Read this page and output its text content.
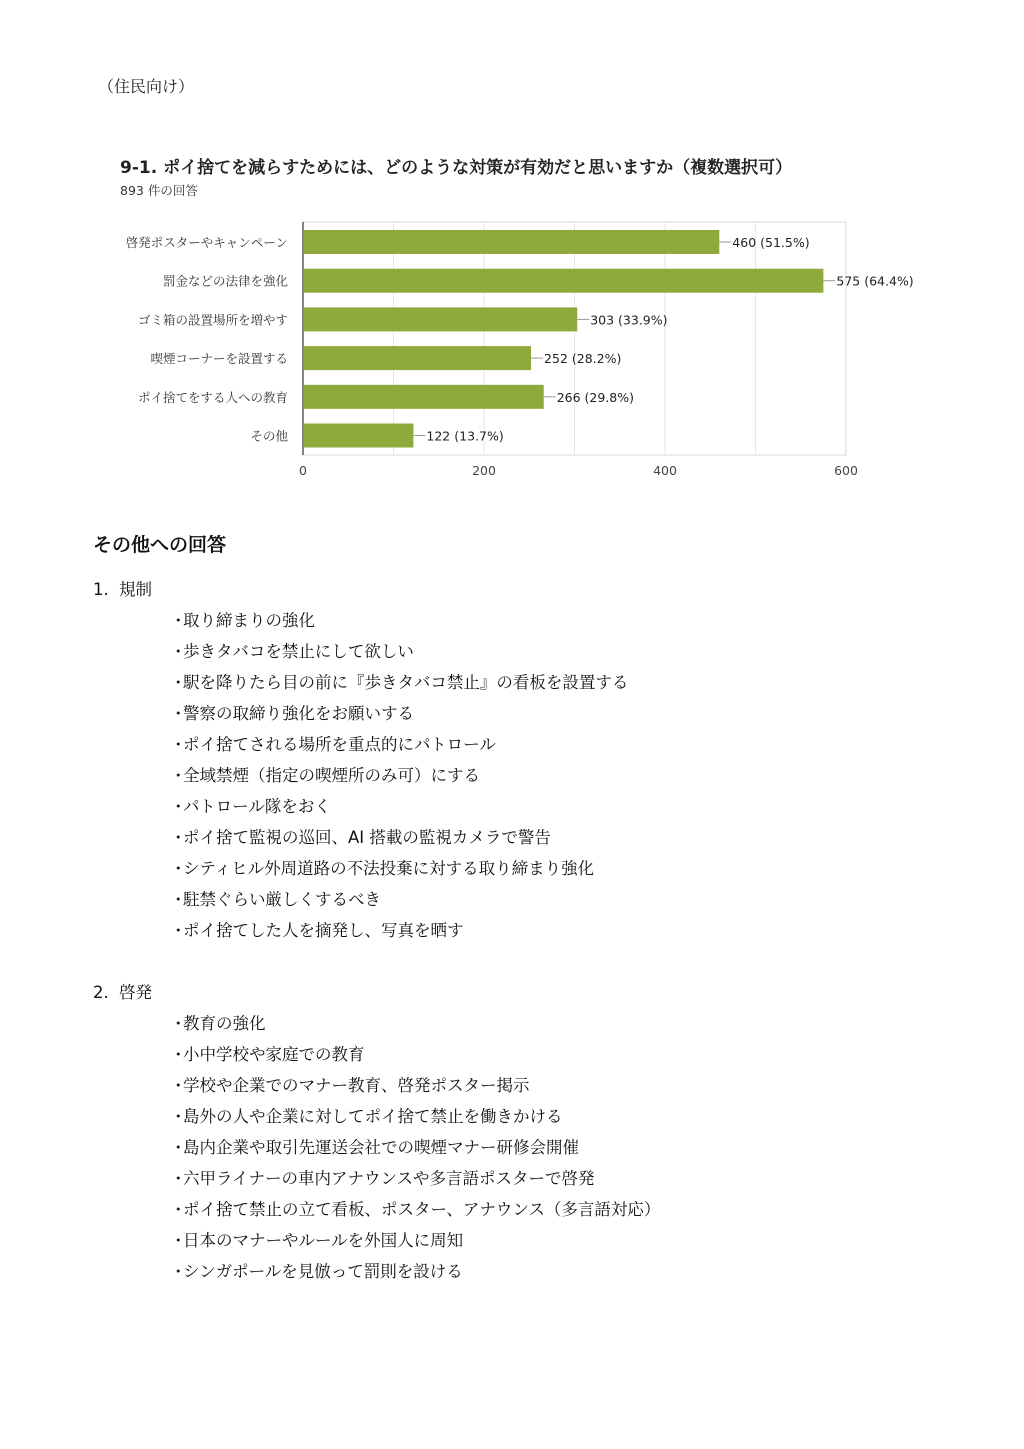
（住民向け）
9-1. ポイ捨てを減らすためには、どのような対策が有効だと思いますか（複数選択可）
893 件の回答
0	200	400	600
啓発ポスターやキャンペーン	460 (51.5%)
罰金などの法律を強化	575 (64.4%)
ゴミ箱の設置場所を増やす	303 (33.9%)
喫煙コーナーを設置する	252 (28.2%)
ポイ捨てをする人への教育	266 (29.8%)
その他	122 (13.7%)
その他への回答
1. 規制
・取り締まりの強化
・歩きタバコを禁止にして欲しい
・駅を降りたら目の前に『歩きタバコ禁止』の看板を設置する
・警察の取締り強化をお願いする
・ポイ捨てされる場所を重点的にパトロール
・全域禁煙（指定の喫煙所のみ可）にする
・パトロール隊をおく
・ポイ捨て監視の巡回、AI 搭載の監視カメラで警告
・シティヒル外周道路の不法投棄に対する取り締まり強化
・駐禁ぐらい厳しくするべき
・ポイ捨てした人を摘発し、写真を晒す
2. 啓発
・教育の強化
・小中学校や家庭での教育
・学校や企業でのマナー教育、啓発ポスター掲示
・島外の人や企業に対してポイ捨て禁止を働きかける
・島内企業や取引先運送会社での喫煙マナー研修会開催
・六甲ライナーの車内アナウンスや多言語ポスターで啓発
・ポイ捨て禁止の立て看板、ポスター、アナウンス（多言語対応）
・日本のマナーやルールを外国人に周知
・シンガポールを見倣って罰則を設ける
